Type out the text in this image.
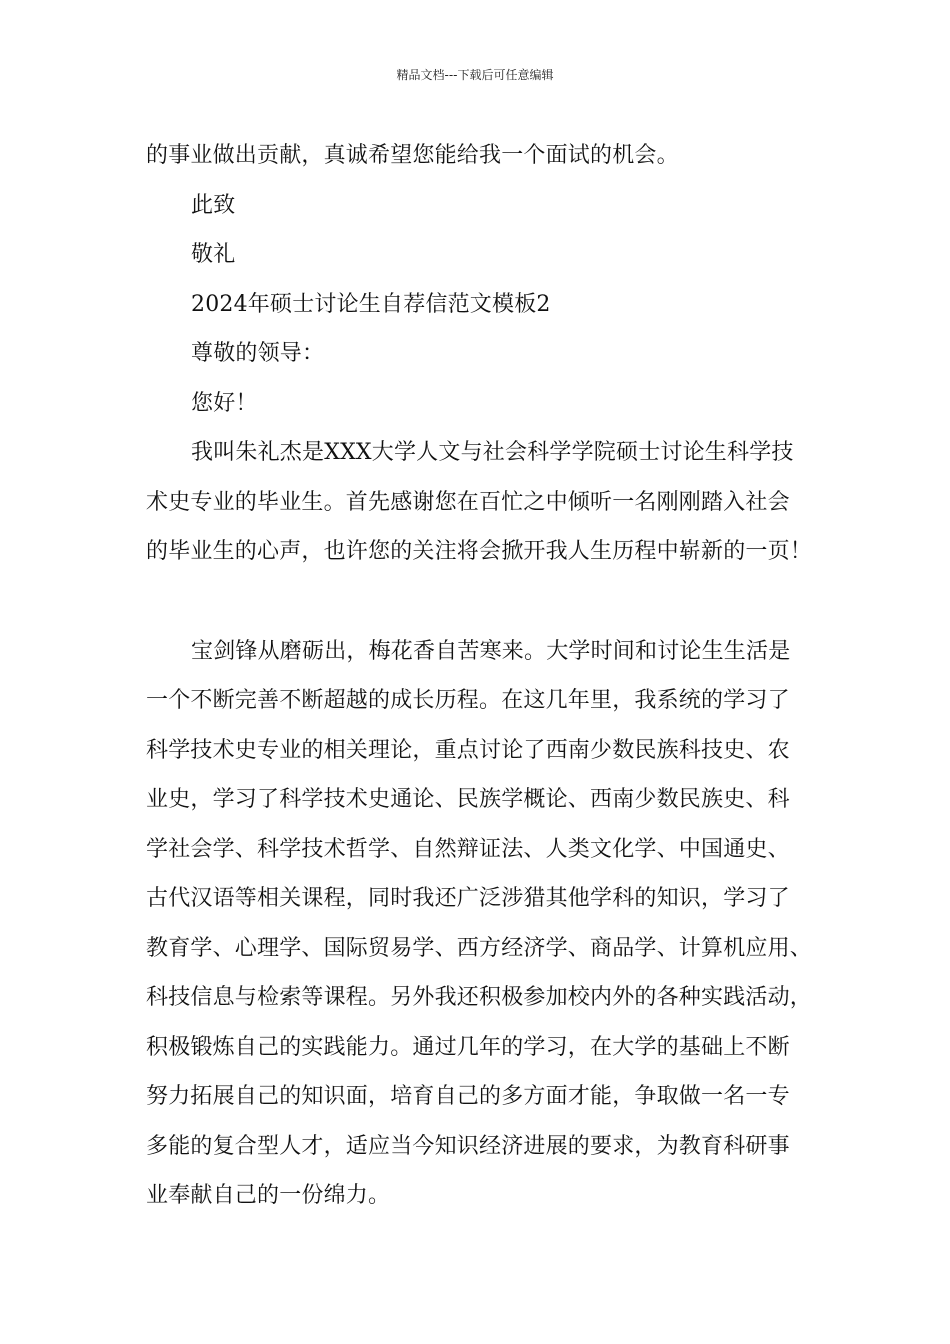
精品文档---下载后可任意编辑
的事业做出贡献，真诚希望您能给我一个面试的机会。
此致
敬礼
2024年硕士讨论生自荐信范文模板2
尊敬的领导：
您好！
我叫朱礼杰是XXX大学人文与社会科学学院硕士讨论生科学技
术史专业的毕业生。首先感谢您在百忙之中倾听一名刚刚踏入社会
的毕业生的心声，也许您的关注将会掀开我人生历程中崭新的一页！
宝剑锋从磨砺出，梅花香自苦寒来。大学时间和讨论生生活是
一个不断完善不断超越的成长历程。在这几年里，我系统的学习了
科学技术史专业的相关理论，重点讨论了西南少数民族科技史、农
业史，学习了科学技术史通论、民族学概论、西南少数民族史、科
学社会学、科学技术哲学、自然辩证法、人类文化学、中国通史、
古代汉语等相关课程，同时我还广泛涉猎其他学科的知识，学习了
教育学、心理学、国际贸易学、西方经济学、商品学、计算机应用、
科技信息与检索等课程。另外我还积极参加校内外的各种实践活动，
积极锻炼自己的实践能力。通过几年的学习，在大学的基础上不断
努力拓展自己的知识面，培育自己的多方面才能，争取做一名一专
多能的复合型人才，适应当今知识经济进展的要求，为教育科研事
业奉献自己的一份绵力。
